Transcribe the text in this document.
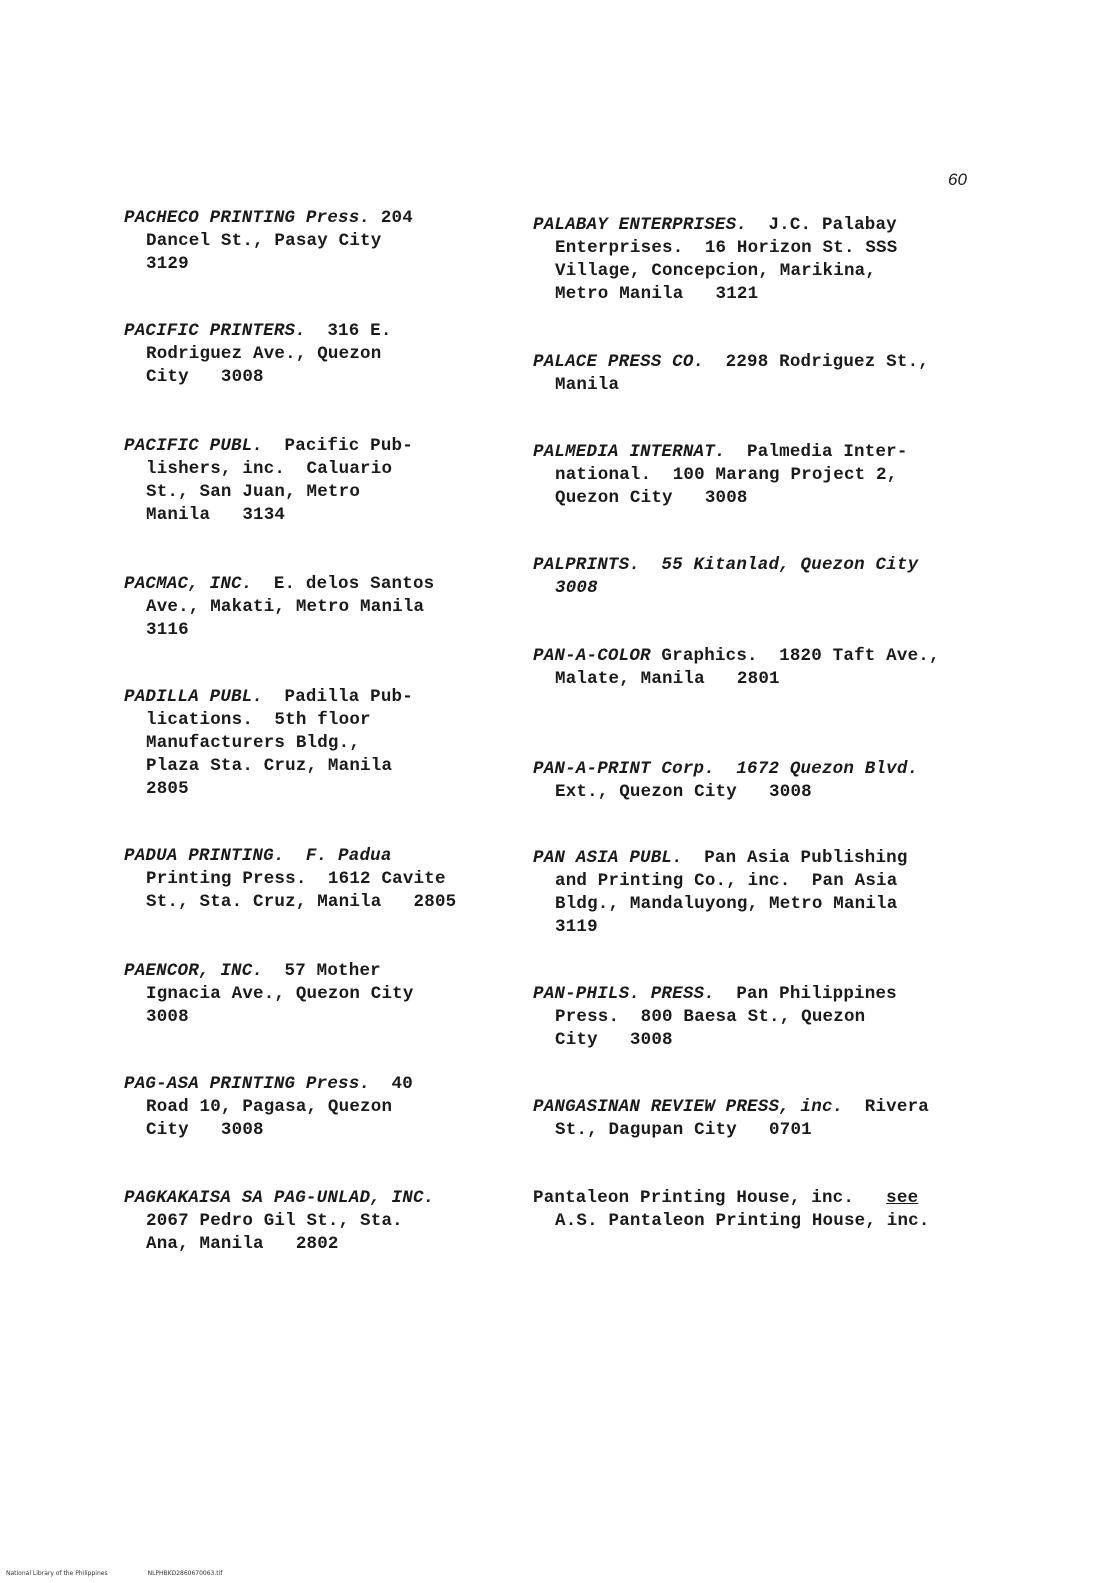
60
PACHECO PRINTING Press. 204
Dancel St., Pasay City
3129
PACIFIC PRINTERS.  316 E.
Rodriguez Ave., Quezon
City   3008
PACIFIC PUBL.  Pacific Pub-
lishers, inc.  Caluario
St., San Juan, Metro
Manila   3134
PACMAC, INC.  E. delos Santos
Ave., Makati, Metro Manila
3116
PADILLA PUBL.  Padilla Pub-
lications.  5th floor
Manufacturers Bldg.,
Plaza Sta. Cruz, Manila
2805
PADUA PRINTING.  F. Padua
Printing Press.  1612 Cavite
St., Sta. Cruz, Manila   2805
PAENCOR, INC.  57 Mother
Ignacia Ave., Quezon City
3008
PAG-ASA PRINTING Press.  40
Road 10, Pagasa, Quezon
City   3008
PAGKAKAISA SA PAG-UNLAD, INC.
2067 Pedro Gil St., Sta.
Ana, Manila   2802
PALABAY ENTERPRISES.  J.C. Palabay
Enterprises.  16 Horizon St. SSS
Village, Concepcion, Marikina,
Metro Manila   3121
PALACE PRESS CO.  2298 Rodriguez St.,
Manila
PALMEDIA INTERNAT.  Palmedia Inter-
national.  100 Marang Project 2,
Quezon City   3008
PALPRINTS.  55 Kitanlad, Quezon City
3008
PAN-A-COLOR Graphics.  1820 Taft Ave.,
Malate, Manila   2801
PAN-A-PRINT Corp.  1672 Quezon Blvd.
Ext., Quezon City   3008
PAN ASIA PUBL.  Pan Asia Publishing
and Printing Co., inc.  Pan Asia
Bldg., Mandaluyong, Metro Manila
3119
PAN-PHILS. PRESS.  Pan Philippines
Press.  800 Baesa St., Quezon
City   3008
PANGASINAN REVIEW PRESS, inc.  Rivera
St., Dagupan City   0701
Pantaleon Printing House, inc. see
A.S. Pantaleon Printing House, inc.
National Library of the Philippines	NLPHBKD2860670063.tif
